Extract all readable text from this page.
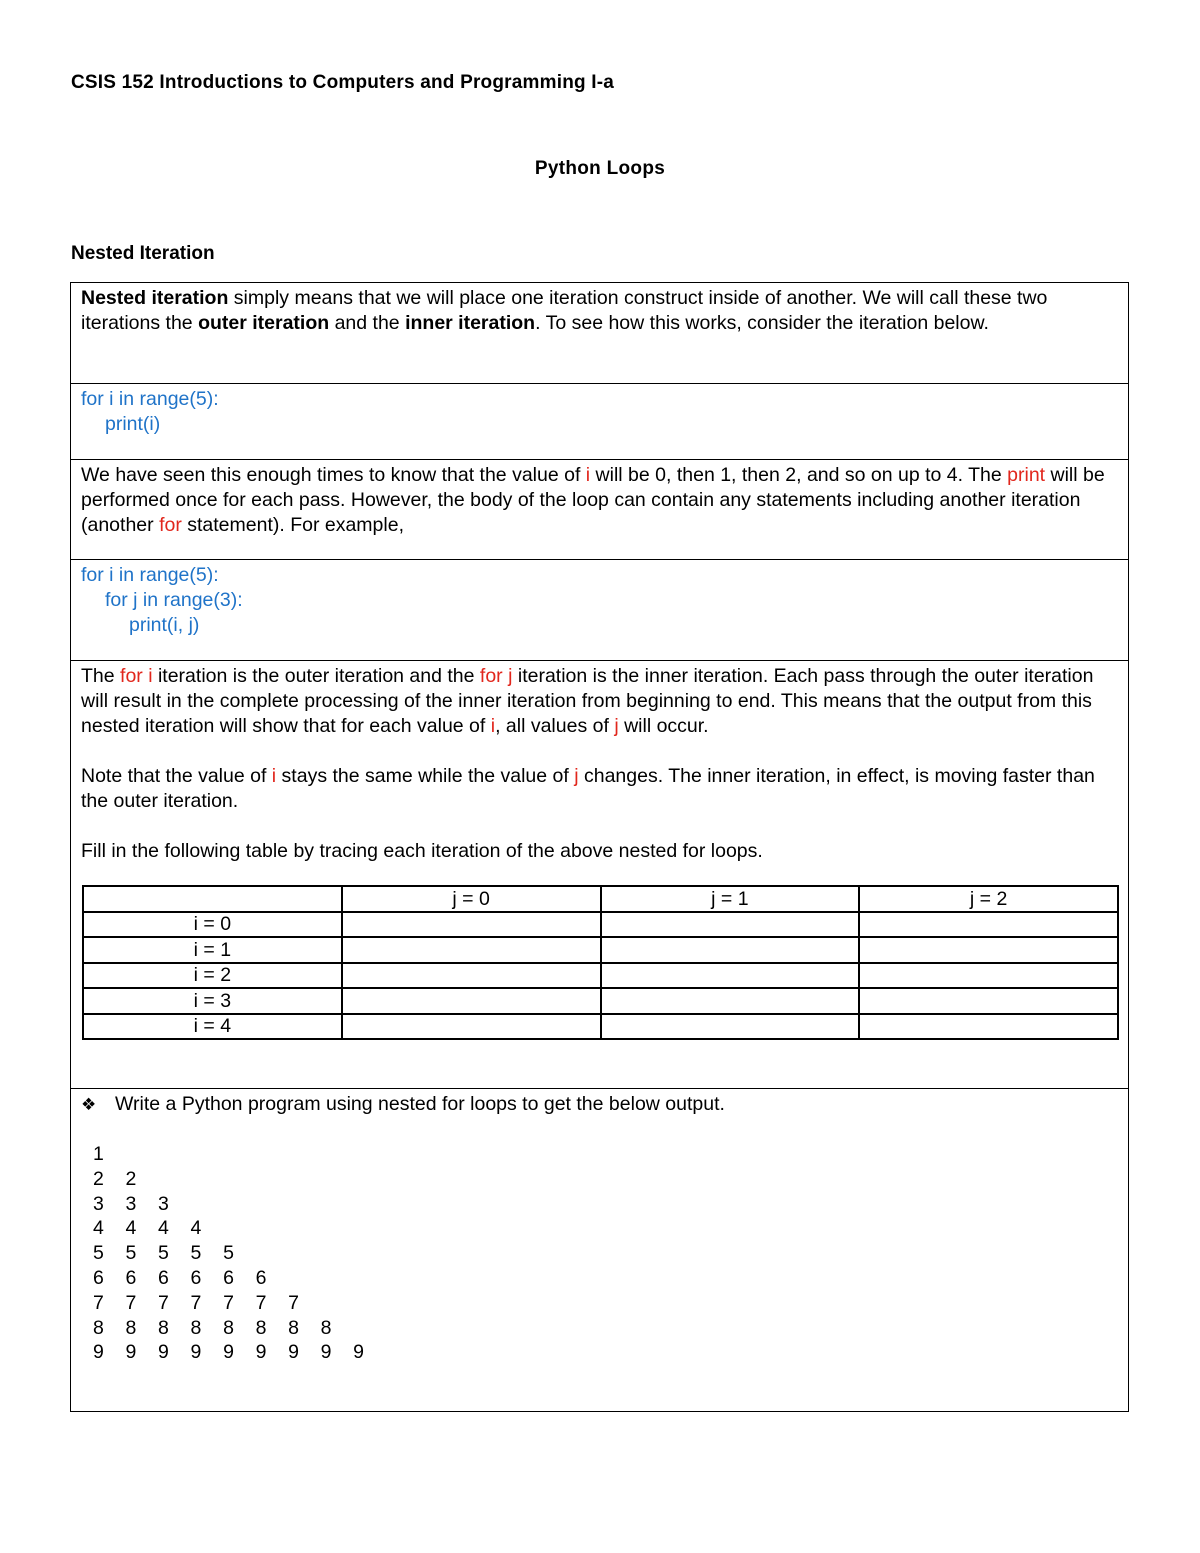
CSIS 152 Introductions to Computers and Programming I-a
Python Loops
Nested Iteration
Nested iteration simply means that we will place one iteration construct inside of another. We will call these two iterations the outer iteration and the inner iteration. To see how this works, consider the iteration below.
for i in range(5):
print(i)
We have seen this enough times to know that the value of i will be 0, then 1, then 2, and so on up to 4. The print will be performed once for each pass. However, the body of the loop can contain any statements including another iteration (another for statement). For example,
for i in range(5):
for j in range(3):
print(i, j)
The for i iteration is the outer iteration and the for j iteration is the inner iteration. Each pass through the outer iteration will result in the complete processing of the inner iteration from beginning to end. This means that the output from this nested iteration will show that for each value of i, all values of j will occur.
Note that the value of i stays the same while the value of j changes. The inner iteration, in effect, is moving faster than the outer iteration.
Fill in the following table by tracing each iteration of the above nested for loops.
	j = 0	j = 1	j = 2
i = 0			
i = 1			
i = 2			
i = 3			
i = 4			
❖ Write a Python program using nested for loops to get the below output.
1
2    2
3    3    3
4    4    4    4
5    5    5    5    5
6    6    6    6    6    6
7    7    7    7    7    7    7
8    8    8    8    8    8    8    8
9    9    9    9    9    9    9    9    9
